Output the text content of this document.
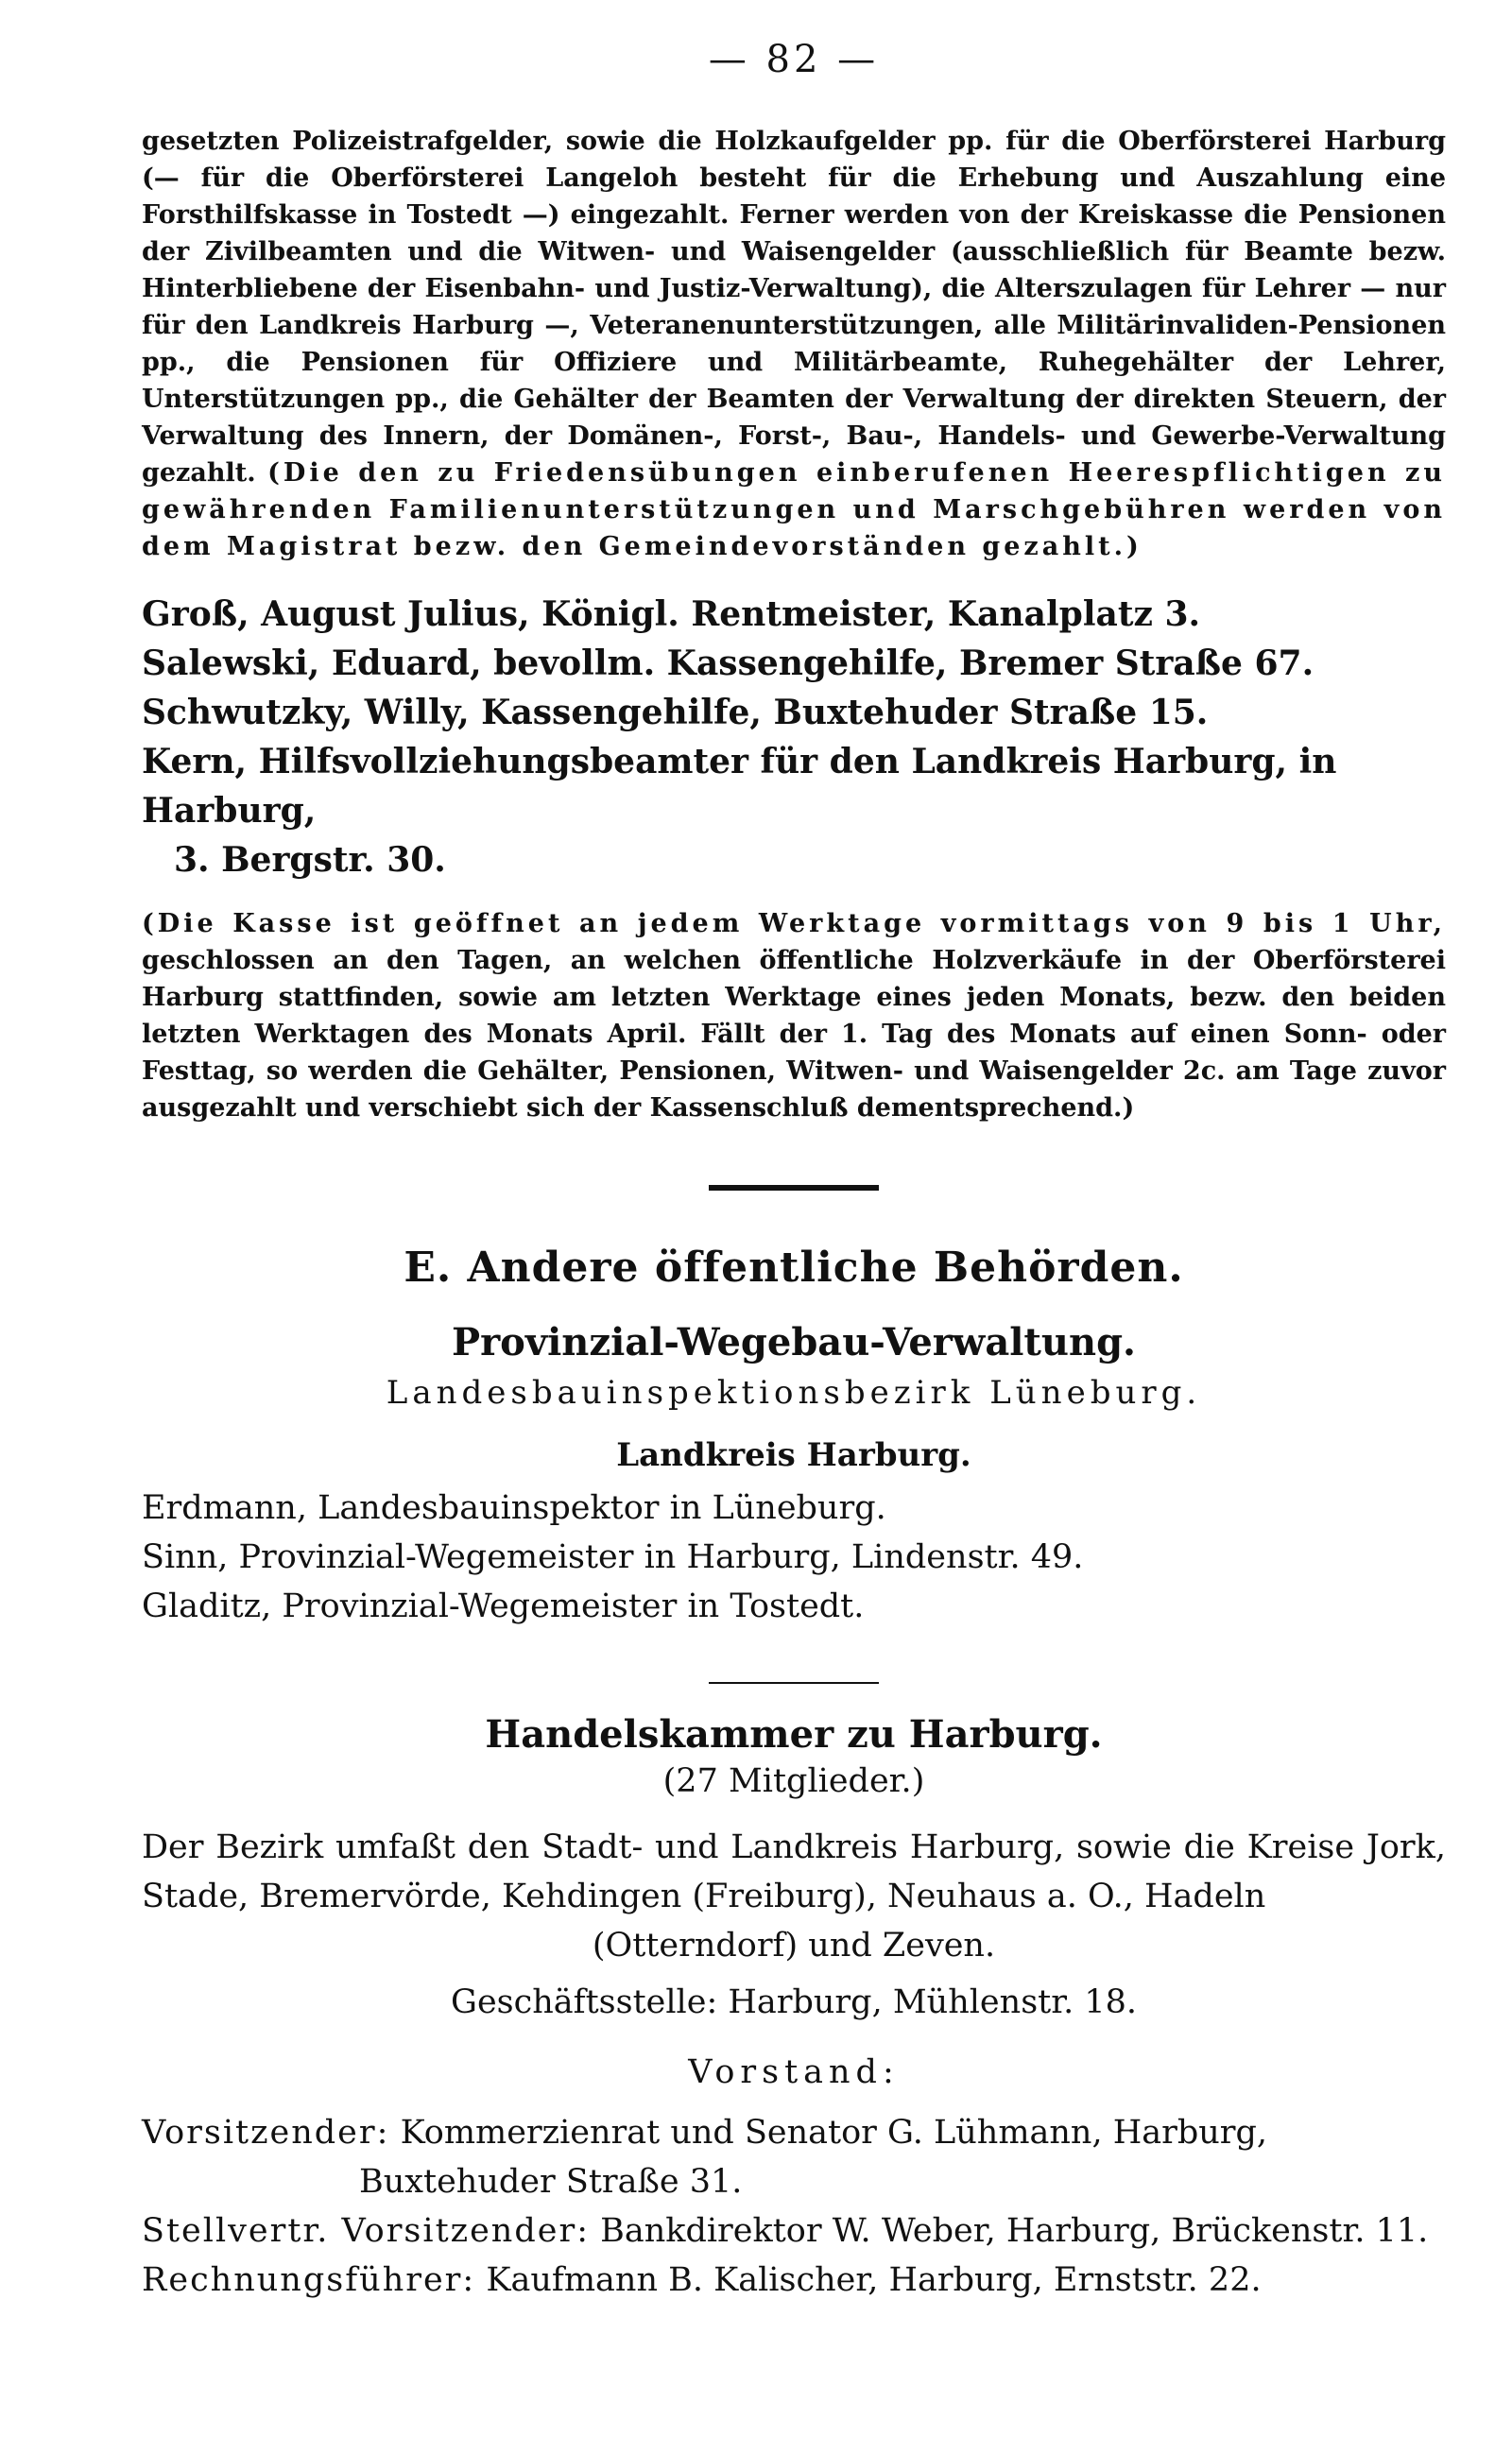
— 82 —

gesetzten Polizeistrafgelder, sowie die Holzkaufgelder pp. für die Oberförsterei Harburg (— für die Oberförsterei Langeloh besteht für die Erhebung und Auszahlung eine Forsthilfskasse in Tostedt —) eingezahlt. Ferner werden von der Kreiskasse die Pensionen der Zivilbeamten und die Witwen- und Waisengelder (ausschließlich für Beamte bezw. Hinterbliebene der Eisenbahn- und Justiz-Verwaltung), die Alterszulagen für Lehrer — nur für den Landkreis Harburg —, Veteranenunterstützungen, alle Militärinvaliden-Pensionen pp., die Pensionen für Offiziere und Militärbeamte, Ruhegehälter der Lehrer, Unterstützungen pp., die Gehälter der Beamten der Verwaltung der direkten Steuern, der Verwaltung des Innern, der Domänen-, Forst-, Bau-, Handels- und Gewerbe-Verwaltung gezahlt. (Die den zu Friedensübungen einberufenen Heerespflichtigen zu gewährenden Familienunterstützungen und Marschgebühren werden von dem Magistrat bezw. den Gemeindevorständen gezahlt.)

Groß, August Julius, Königl. Rentmeister, Kanalplatz 3.
Salewski, Eduard, bevollm. Kassengehilfe, Bremer Straße 67.
Schwutzky, Willy, Kassengehilfe, Buxtehuder Straße 15.
Kern, Hilfsvollziehungsbeamter für den Landkreis Harburg, in Harburg,
3. Bergstr. 30.

(Die Kasse ist geöffnet an jedem Werktage vormittags von 9 bis 1 Uhr, geschlossen an den Tagen, an welchen öffentliche Holzverkäufe in der Oberförsterei Harburg stattfinden, sowie am letzten Werktage eines jeden Monats, bezw. den beiden letzten Werktagen des Monats April. Fällt der 1. Tag des Monats auf einen Sonn- oder Festtag, so werden die Gehälter, Pensionen, Witwen- und Waisengelder 2c. am Tage zuvor ausgezahlt und verschiebt sich der Kassenschluß dementsprechend.)

E. Andere öffentliche Behörden.
Provinzial-Wegebau-Verwaltung.
Landesbauinspektionsbezirk Lüneburg.
Landkreis Harburg.
Erdmann, Landesbauinspektor in Lüneburg.
Sinn, Provinzial-Wegemeister in Harburg, Lindenstr. 49.
Gladitz, Provinzial-Wegemeister in Tostedt.
Handelskammer zu Harburg.
(27 Mitglieder.)
Der Bezirk umfaßt den Stadt- und Landkreis Harburg, sowie die Kreise Jork, Stade, Bremervörde, Kehdingen (Freiburg), Neuhaus a. O., Hadeln
(Otterndorf) und Zeven.
Geschäftsstelle: Harburg, Mühlenstr. 18.
Vorstand:
Vorsitzender: Kommerzienrat und Senator G. Lühmann, Harburg,
Buxtehuder Straße 31.
Stellvertr. Vorsitzender: Bankdirektor W. Weber, Harburg, Brückenstr. 11.
Rechnungsführer: Kaufmann B. Kalischer, Harburg, Ernststr. 22.
